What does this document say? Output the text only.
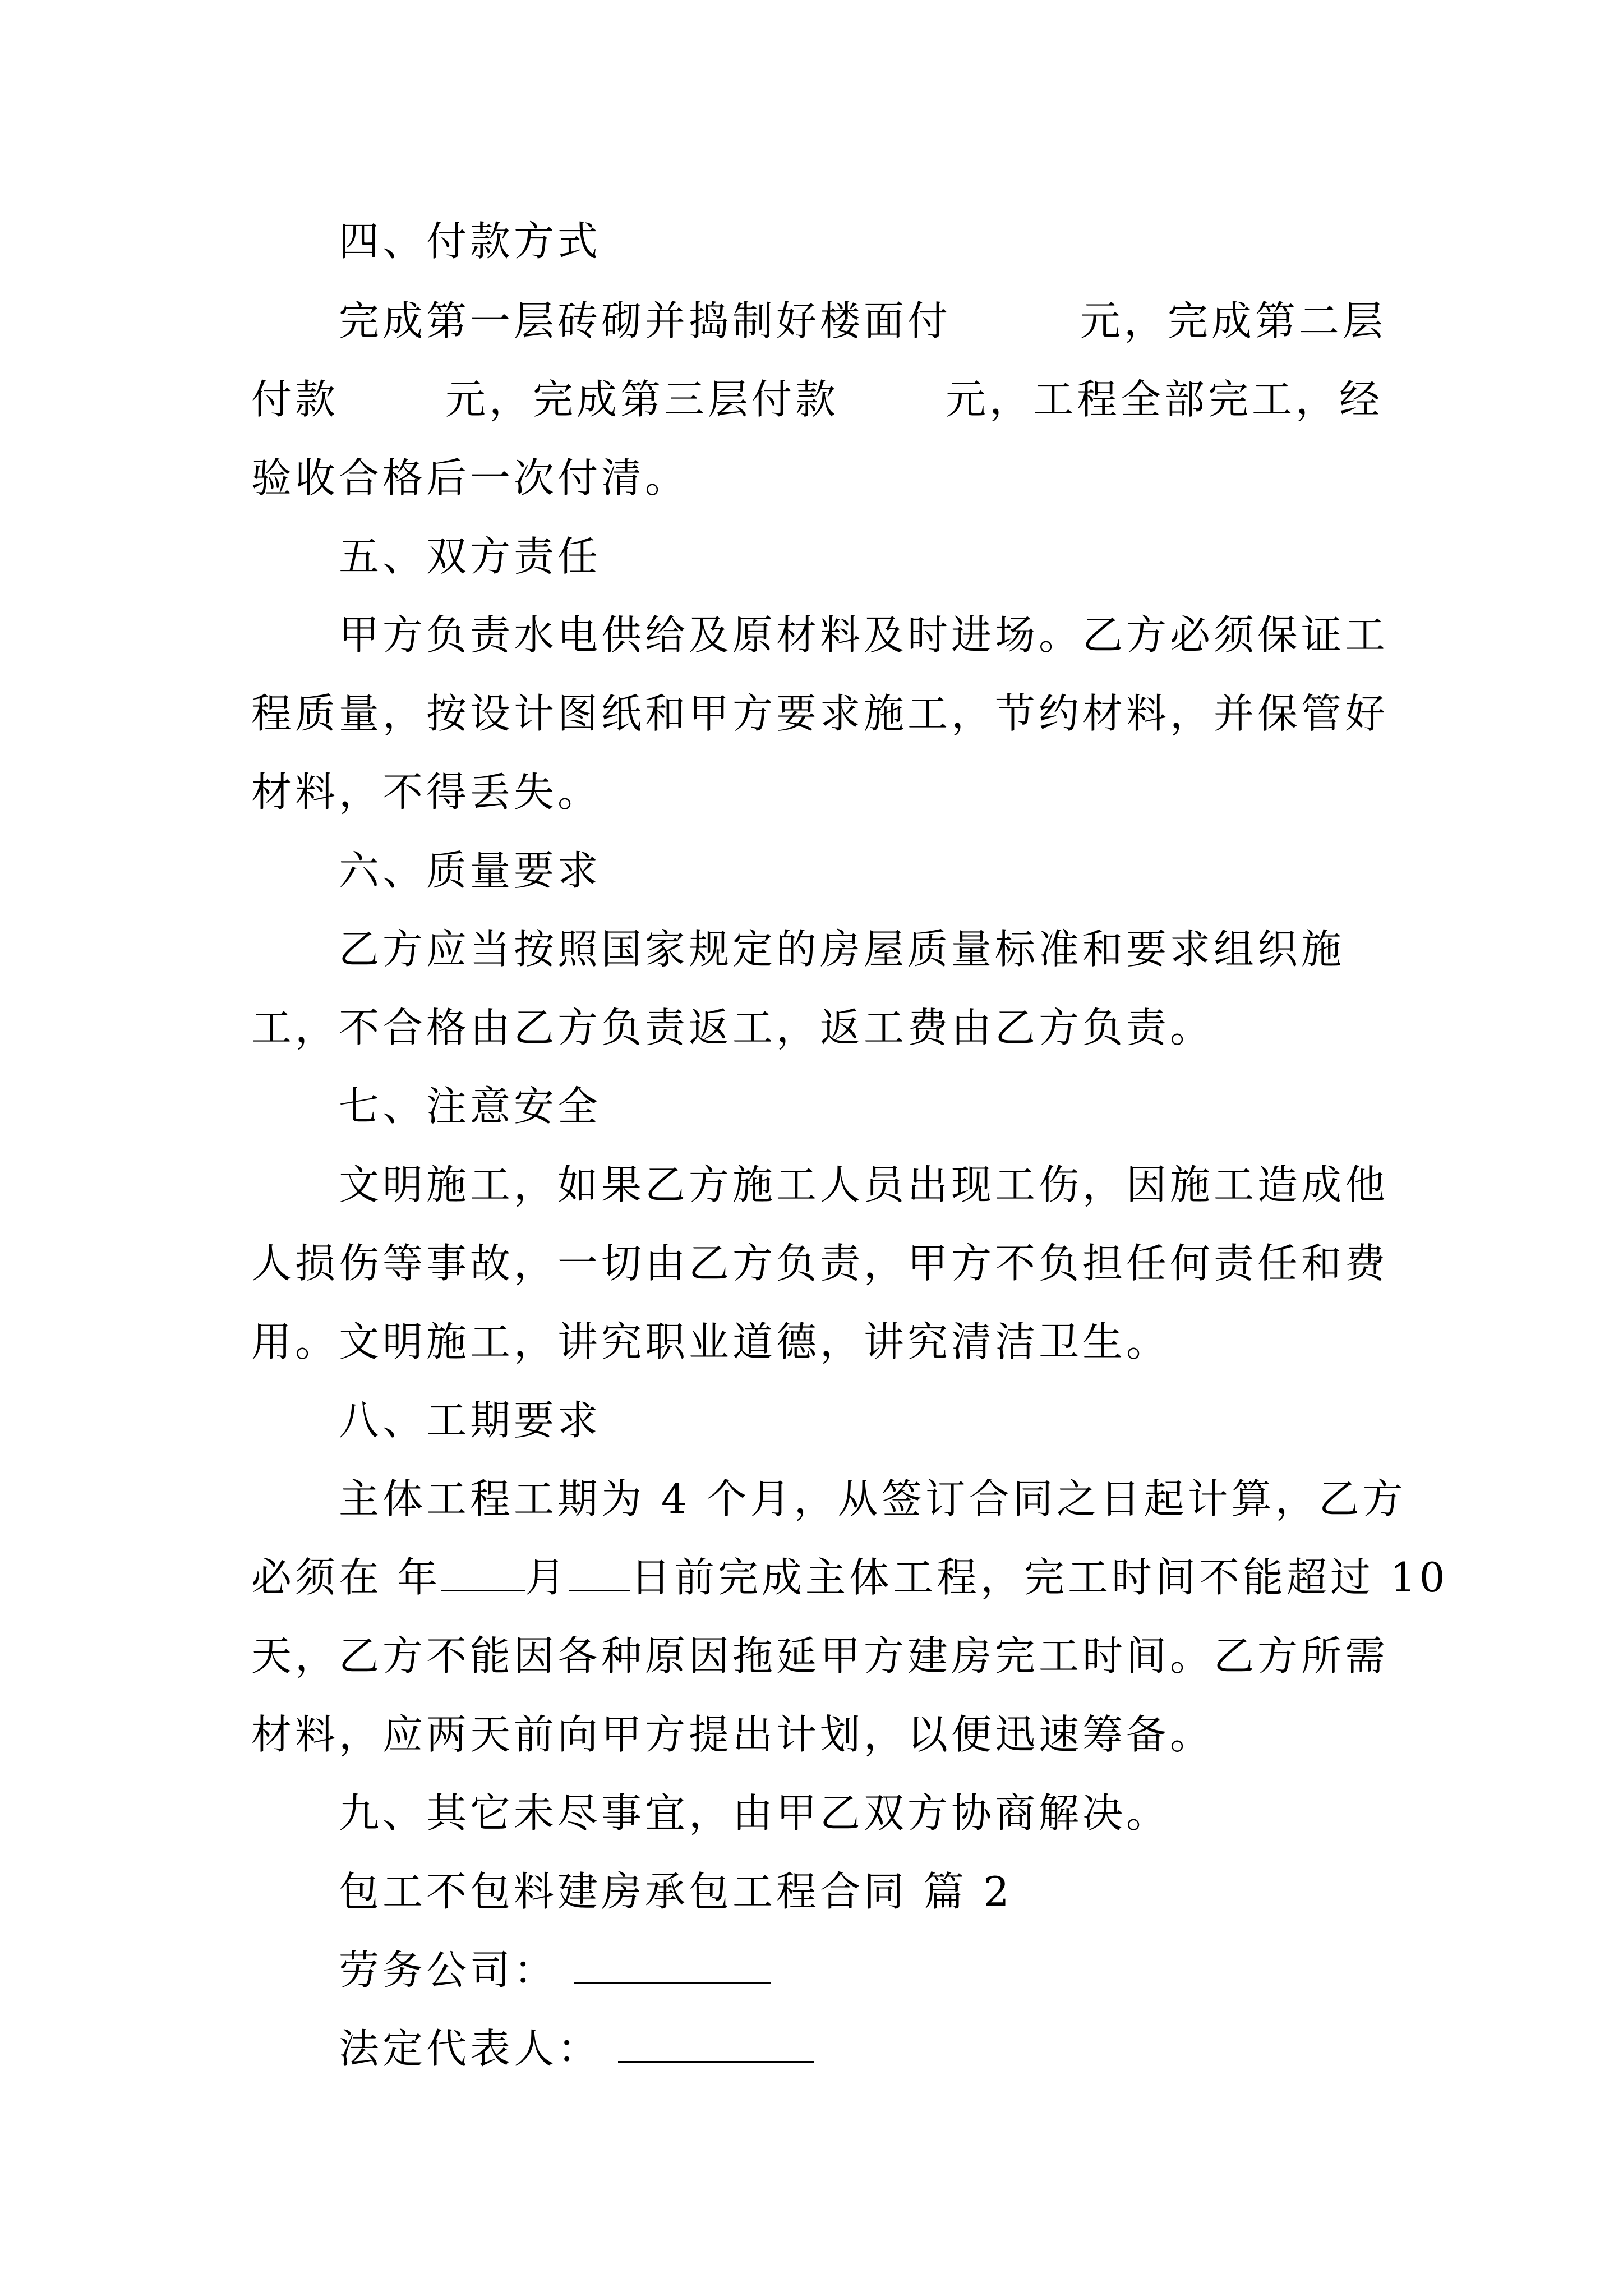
四、付款方式
完成第一层砖砌并捣制好楼面付	元，完成第二层
付款	元，完成第三层付款	元，工程全部完工，经
验收合格后一次付清。
五、双方责任
甲方负责水电供给及原材料及时进场。乙方必须保证工
程质量，按设计图纸和甲方要求施工，节约材料，并保管好
材料，不得丢失。
六、质量要求
乙方应当按照国家规定的房屋质量标准和要求组织施
工，不合格由乙方负责返工，返工费由乙方负责。
七、注意安全
文明施工，如果乙方施工人员出现工伤，因施工造成他
人损伤等事故，一切由乙方负责，甲方不负担任何责任和费
用。文明施工，讲究职业道德，讲究清洁卫生。
八、工期要求
主体工程工期为 4 个月，从签订合同之日起计算，乙方
必须在 年 月 日前完成主体工程，完工时间不能超过 10
天，乙方不能因各种原因拖延甲方建房完工时间。乙方所需
材料，应两天前向甲方提出计划，以便迅速筹备。
九、其它未尽事宜，由甲乙双方协商解决。
包工不包料建房承包工程合同 篇 2
劳务公司：
法定代表人：
